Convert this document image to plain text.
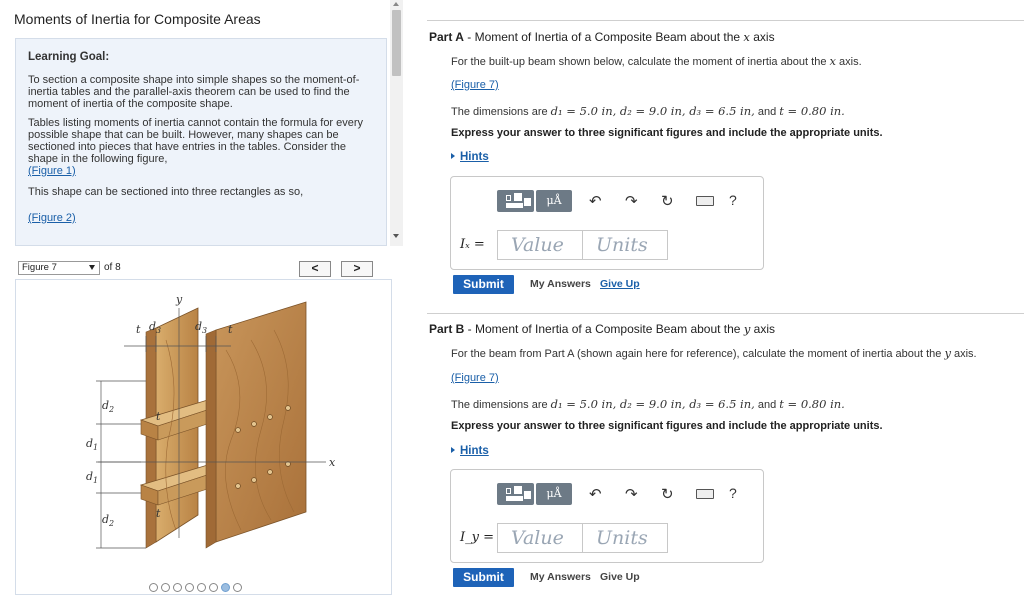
Moments of Inertia for Composite Areas
Learning Goal:

To section a composite shape into simple shapes so the moment-of-inertia tables and the parallel-axis theorem can be used to find the moment of inertia of the composite shape.

Tables listing moments of inertia cannot contain the formula for every possible shape that can be built. However, many shapes can be sectioned into pieces that have entries in the tables. Consider the shape in the following figure,

(Figure 1)

This shape can be sectioned into three rectangles as so,

(Figure 2)

Figure 7	of 8	<	>
y
x
t	t
t
t
$d_3$	$d_3$
$d_2$
$d_1$
$d_1$
$d_2$
Part A - Moment of Inertia of a Composite Beam about the x axis
For the built-up beam shown below, calculate the moment of inertia about the x axis.
(Figure 7)
The dimensions are d₁ = 5.0 in, d₂ = 9.0 in, d₃ = 6.5 in, and t = 0.80 in.
Express your answer to three significant figures and include the appropriate units.
Hints
μÅ	↶ ↷ ↻	?
Iₓ =	Value	Units
Submit	My Answers Give Up
Part B - Moment of Inertia of a Composite Beam about the y axis
For the beam from Part A (shown again here for reference), calculate the moment of inertia about the y axis.
(Figure 7)
The dimensions are d₁ = 5.0 in, d₂ = 9.0 in, d₃ = 6.5 in, and t = 0.80 in.
Express your answer to three significant figures and include the appropriate units.
Hints
μÅ	↶ ↷ ↻	?
I_y = Value	Units
Submit	My Answers Give Up
